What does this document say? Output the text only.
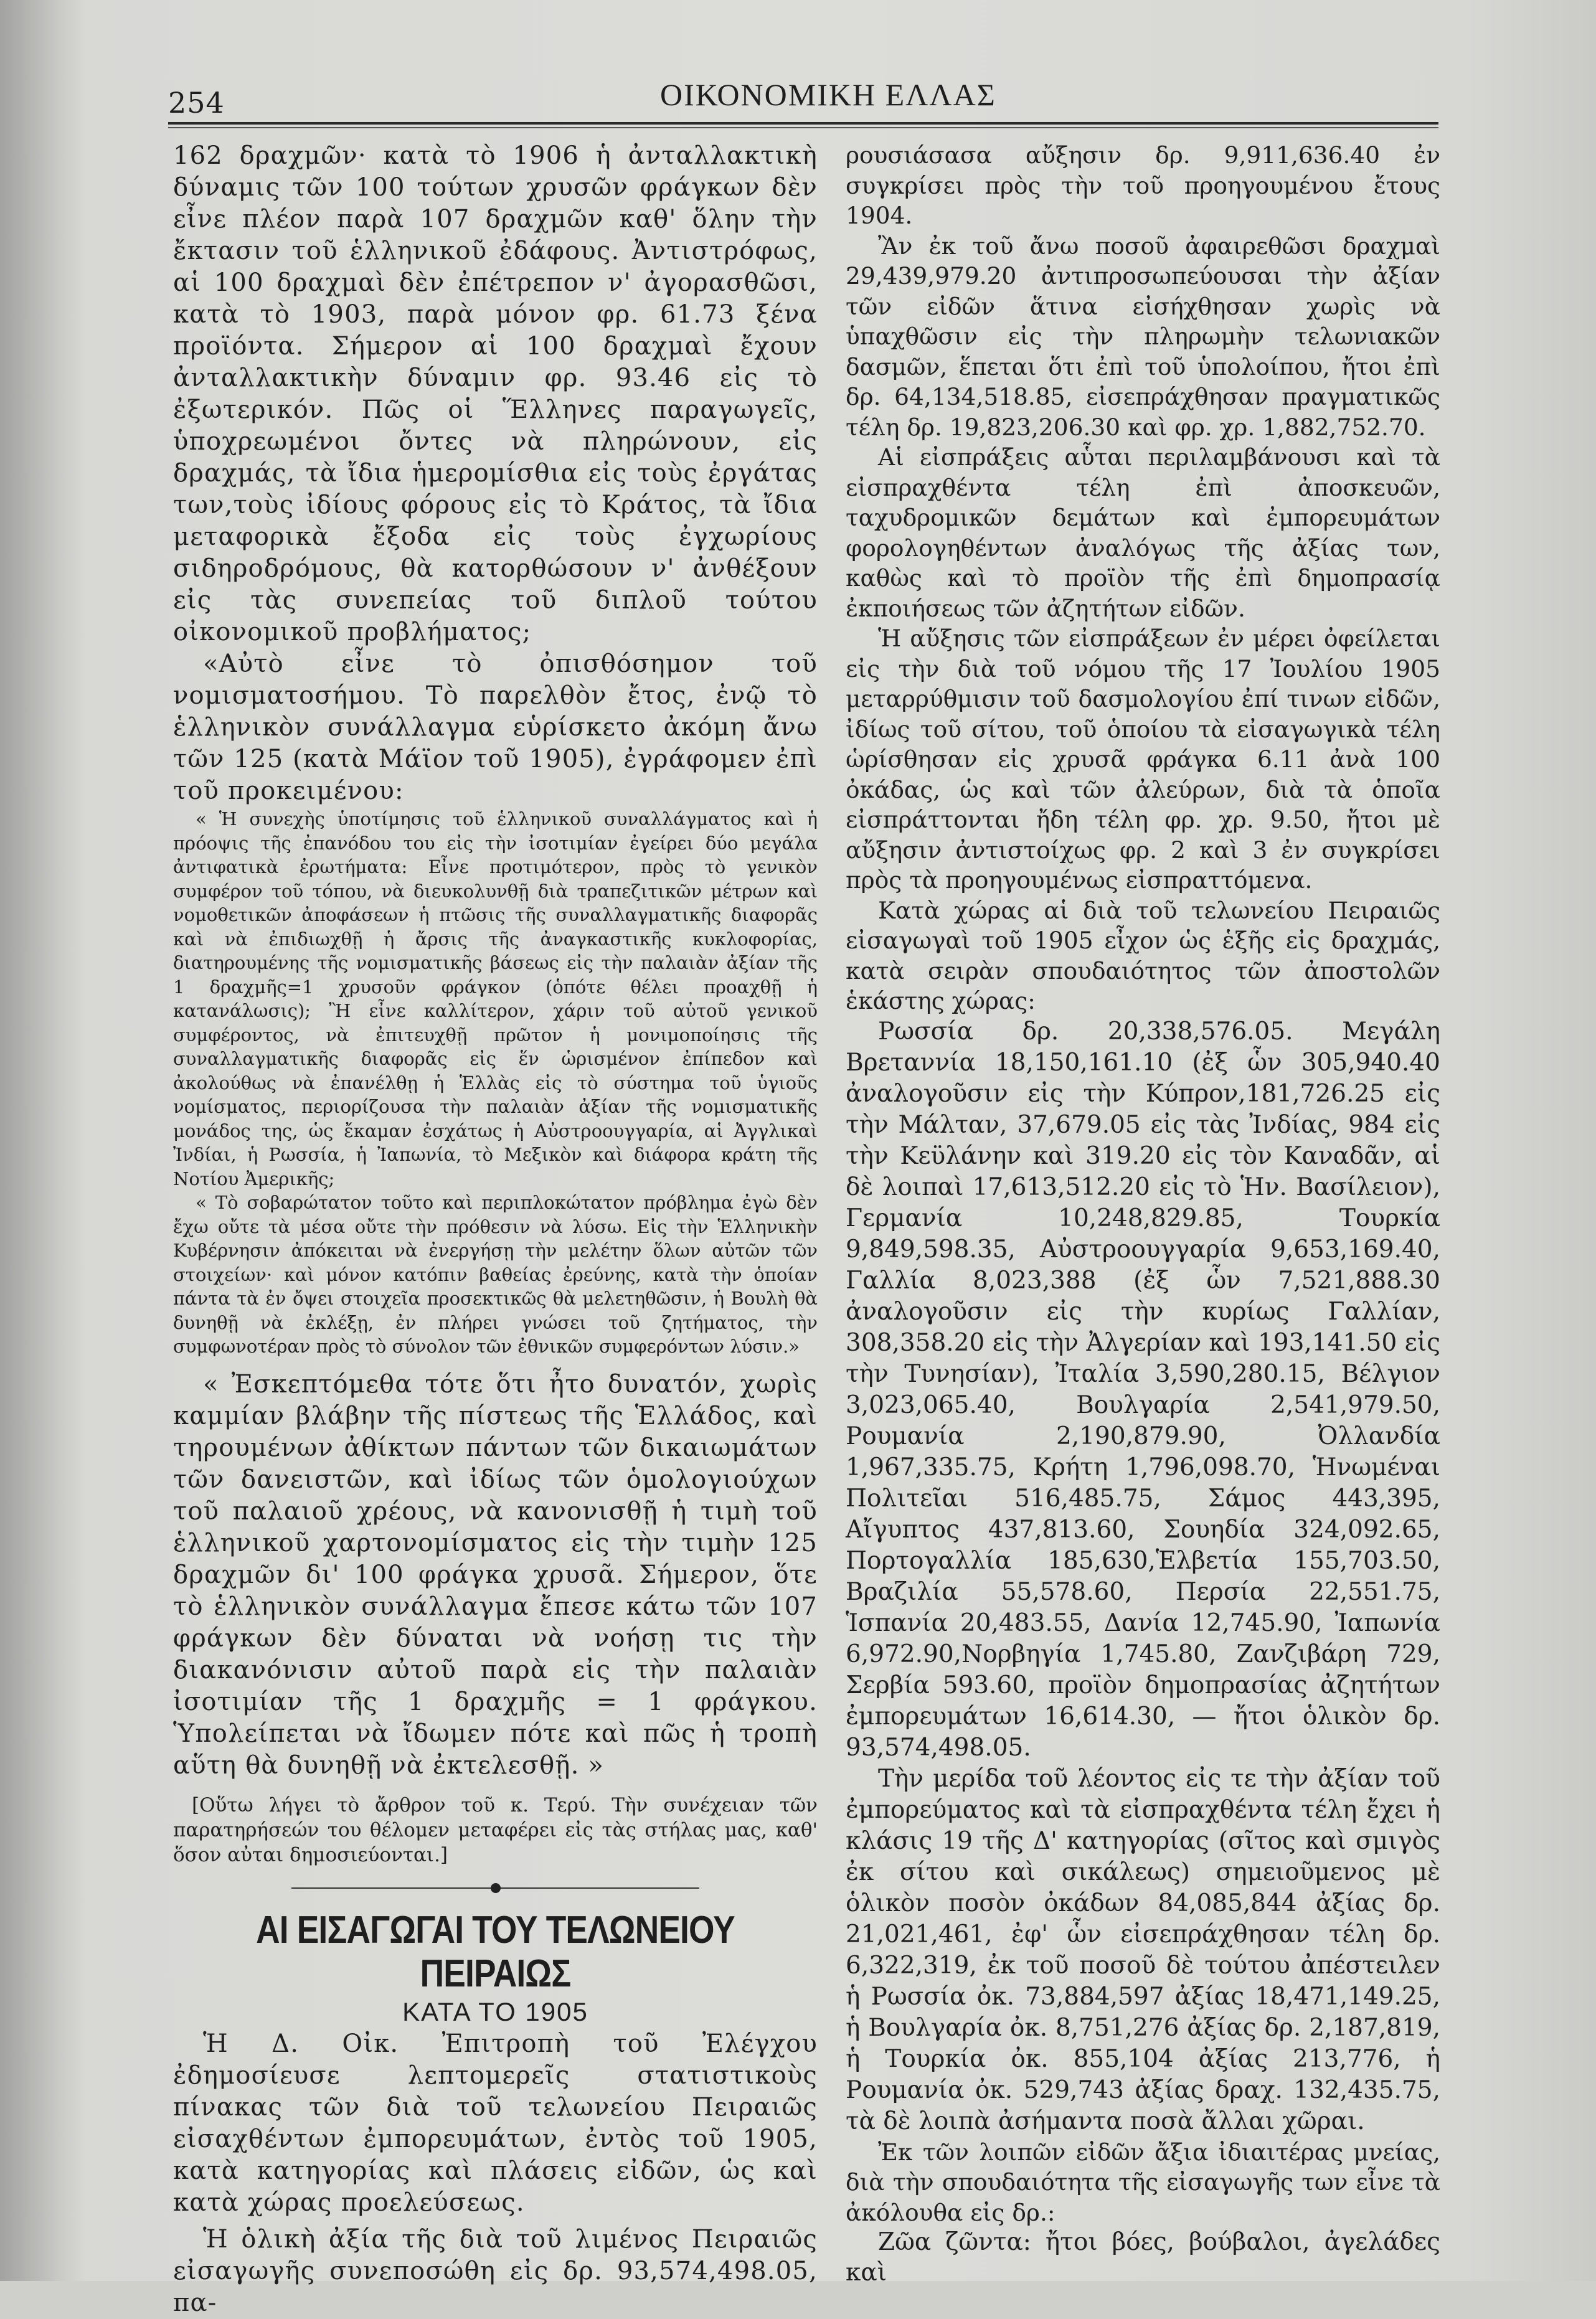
254	ΟΙΚΟΝΟΜΙΚΗ ΕΛΛΑΣ

162 δραχμῶν· κατὰ τὸ 1906 ἡ ἀνταλλακτικὴ δύναμις τῶν 100 τούτων χρυσῶν φράγκων δὲν εἶνε πλέον παρὰ 107 δραχμῶν καθ' ὅλην τὴν ἔκτασιν τοῦ ἑλληνικοῦ ἐδάφους. Ἀντιστρόφως, αἱ 100 δραχμαὶ δὲν ἐπέτρεπον ν' ἀγορασθῶσι, κατὰ τὸ 1903, παρὰ μόνον φρ. 61.73 ξένα προϊόντα. Σήμερον αἱ 100 δραχμαὶ ἔχουν ἀνταλλακτικὴν δύναμιν φρ. 93.46 εἰς τὸ ἐξωτερικόν. Πῶς οἱ Ἕλληνες παραγωγεῖς, ὑποχρεωμένοι ὄντες νὰ πληρώνουν, εἰς δραχμάς, τὰ ἴδια ἡμερομίσθια εἰς τοὺς ἐργάτας των,τοὺς ἰδίους φόρους εἰς τὸ Κράτος, τὰ ἴδια μεταφορικὰ ἔξοδα εἰς τοὺς ἐγχωρίους σιδηροδρόμους, θὰ κατορθώσουν ν' ἀνθέξουν εἰς τὰς συνεπείας τοῦ διπλοῦ τούτου οἰκονομικοῦ προβλήματος;

«Αὐτὸ εἶνε τὸ ὀπισθόσημον τοῦ νομισματοσήμου. Τὸ παρελθὸν ἔτος, ἐνῷ τὸ ἑλληνικὸν συνάλλαγμα εὑρίσκετο ἀκόμη ἄνω τῶν 125 (κατὰ Μάϊον τοῦ 1905), ἐγράφομεν ἐπὶ τοῦ προκειμένου:

« Ἡ συνεχὴς ὑποτίμησις τοῦ ἑλληνικοῦ συναλλάγματος καὶ ἡ πρόοψις τῆς ἐπανόδου του εἰς τὴν ἰσοτιμίαν ἐγείρει δύο μεγάλα ἀντιφατικὰ ἐρωτήματα: Εἶνε προτιμότερον, πρὸς τὸ γενικὸν συμφέρον τοῦ τόπου, νὰ διευκολυνθῇ διὰ τραπεζιτικῶν μέτρων καὶ νομοθετικῶν ἀποφάσεων ἡ πτῶσις τῆς συναλλαγματικῆς διαφορᾶς καὶ νὰ ἐπιδιωχθῇ ἡ ἄρσις τῆς ἀναγκαστικῆς κυκλοφορίας, διατηρουμένης τῆς νομισματικῆς βάσεως εἰς τὴν παλαιὰν ἀξίαν τῆς 1 δραχμῆς=1 χρυσοῦν φράγκον (ὁπότε θέλει προαχθῇ ἡ κατανάλωσις); Ἢ εἶνε καλλίτερον, χάριν τοῦ αὐτοῦ γενικοῦ συμφέροντος, νὰ ἐπιτευχθῇ πρῶτον ἡ μονιμοποίησις τῆς συναλλαγματικῆς διαφορᾶς εἰς ἕν ὡρισμένον ἐπίπεδον καὶ ἀκολούθως νὰ ἐπανέλθῃ ἡ Ἑλλὰς εἰς τὸ σύστημα τοῦ ὑγιοῦς νομίσματος, περιορίζουσα τὴν παλαιὰν ἀξίαν τῆς νομισματικῆς μονάδος της, ὡς ἔκαμαν ἐσχάτως ἡ Αὐστροουγγαρία, αἱ Ἀγγλικαὶ Ἰνδίαι, ἡ Ρωσσία, ἡ Ἰαπωνία, τὸ Μεξικὸν καὶ διάφορα κράτη τῆς Νοτίου Ἀμερικῆς;

« Τὸ σοβαρώτατον τοῦτο καὶ περιπλοκώτατον πρόβλημα ἐγὼ δὲν ἔχω οὔτε τὰ μέσα οὔτε τὴν πρόθεσιν νὰ λύσω. Εἰς τὴν Ἑλληνικὴν Κυβέρνησιν ἀπόκειται νὰ ἐνεργήσῃ τὴν μελέτην ὅλων αὐτῶν τῶν στοιχείων· καὶ μόνον κατόπιν βαθείας ἐρεύνης, κατὰ τὴν ὁποίαν πάντα τὰ ἐν ὄψει στοιχεῖα προσεκτικῶς θὰ μελετηθῶσιν, ἡ Βουλὴ θὰ δυνηθῇ νὰ ἐκλέξῃ, ἐν πλήρει γνώσει τοῦ ζητήματος, τὴν συμφωνοτέραν πρὸς τὸ σύνολον τῶν ἐθνικῶν συμφερόντων λύσιν.»

« Ἐσκεπτόμεθα τότε ὅτι ἦτο δυνατόν, χωρὶς καμμίαν βλάβην τῆς πίστεως τῆς Ἑλλάδος, καὶ τηρουμένων ἀθίκτων πάντων τῶν δικαιωμάτων τῶν δανειστῶν, καὶ ἰδίως τῶν ὁμολογιούχων τοῦ παλαιοῦ χρέους, νὰ κανονισθῇ ἡ τιμὴ τοῦ ἑλληνικοῦ χαρτονομίσματος εἰς τὴν τιμὴν 125 δραχμῶν δι' 100 φράγκα χρυσᾶ. Σήμερον, ὅτε τὸ ἑλληνικὸν συνάλλαγμα ἔπεσε κάτω τῶν 107 φράγκων δὲν δύναται νὰ νοήσῃ τις τὴν διακανόνισιν αὐτοῦ παρὰ εἰς τὴν παλαιὰν ἰσοτιμίαν τῆς 1 δραχμῆς = 1 φράγκου. Ὑπολείπεται νὰ ἴδωμεν πότε καὶ πῶς ἡ τροπὴ αὕτη θὰ δυνηθῇ νὰ ἐκτελεσθῇ. »

[Οὕτω λήγει τὸ ἄρθρον τοῦ κ. Τερύ. Τὴν συνέχειαν τῶν παρατηρήσεών του θέλομεν μεταφέρει εἰς τὰς στήλας μας, καθ' ὅσον αὐται δημοσιεύονται.]

ΑΙ ΕΙΣΑΓΩΓΑΙ ΤΟΥ ΤΕΛΩΝΕΙΟΥ ΠΕΙΡΑΙΩΣ

ΚΑΤΑ ΤΟ 1905

Ἡ Δ. Οἰκ. Ἐπιτροπὴ τοῦ Ἐλέγχου ἐδημοσίευσε λεπτομερεῖς στατιστικοὺς πίνακας τῶν διὰ τοῦ τελωνείου Πειραιῶς εἰσαχθέντων ἐμπορευμάτων, ἐντὸς τοῦ 1905, κατὰ κατηγορίας καὶ πλάσεις εἰδῶν, ὡς καὶ κατὰ χώρας προελεύσεως.

Ἡ ὁλικὴ ἀξία τῆς διὰ τοῦ λιμένος Πειραιῶς εἰσαγωγῆς συνεποσώθη εἰς δρ. 93,574,498.05, πα-

ρουσιάσασα αὔξησιν δρ. 9,911,636.40 ἐν συγκρίσει πρὸς τὴν τοῦ προηγουμένου ἔτους 1904.

Ἂν ἐκ τοῦ ἄνω ποσοῦ ἀφαιρεθῶσι δραχμαὶ 29,439,979.20 ἀντιπροσωπεύουσαι τὴν ἀξίαν τῶν εἰδῶν ἅτινα εἰσήχθησαν χωρὶς νὰ ὑπαχθῶσιν εἰς τὴν πληρωμὴν τελωνιακῶν δασμῶν, ἕπεται ὅτι ἐπὶ τοῦ ὑπολοίπου, ἤτοι ἐπὶ δρ. 64,134,518.85, εἰσεπράχθησαν πραγματικῶς τέλη δρ. 19,823,206.30 καὶ φρ. χρ. 1,882,752.70.

Αἱ εἰσπράξεις αὗται περιλαμβάνουσι καὶ τὰ εἰσπραχθέντα τέλη ἐπὶ ἀποσκευῶν, ταχυδρομικῶν δεμάτων καὶ ἐμπορευμάτων φορολογηθέντων ἀναλόγως τῆς ἀξίας των, καθὼς καὶ τὸ προϊὸν τῆς ἐπὶ δημοπρασίᾳ ἐκποιήσεως τῶν ἀζητήτων εἰδῶν.

Ἡ αὔξησις τῶν εἰσπράξεων ἐν μέρει ὀφείλεται εἰς τὴν διὰ τοῦ νόμου τῆς 17 Ἰουλίου 1905 μεταρρύθμισιν τοῦ δασμολογίου ἐπί τινων εἰδῶν, ἰδίως τοῦ σίτου, τοῦ ὁποίου τὰ εἰσαγωγικὰ τέλη ὡρίσθησαν εἰς χρυσᾶ φράγκα 6.11 ἀνὰ 100 ὀκάδας, ὡς καὶ τῶν ἀλεύρων, διὰ τὰ ὁποῖα εἰσπράττονται ἤδη τέλη φρ. χρ. 9.50, ἤτοι μὲ αὔξησιν ἀντιστοίχως φρ. 2 καὶ 3 ἐν συγκρίσει πρὸς τὰ προηγουμένως εἰσπραττόμενα.

Κατὰ χώρας αἱ διὰ τοῦ τελωνείου Πειραιῶς εἰσαγωγαὶ τοῦ 1905 εἶχον ὡς ἑξῆς εἰς δραχμάς, κατὰ σειρὰν σπουδαιότητος τῶν ἀποστολῶν ἑκάστης χώρας:

Ρωσσία δρ. 20,338,576.05. Μεγάλη Βρεταννία 18,150,161.10 (ἐξ ὧν 305,940.40 ἀναλογοῦσιν εἰς τὴν Κύπρον,181,726.25 εἰς τὴν Μάλταν, 37,679.05 εἰς τὰς Ἰνδίας, 984 εἰς τὴν Κεϋλάνην καὶ 319.20 εἰς τὸν Καναδᾶν, αἱ δὲ λοιπαὶ 17,613,512.20 εἰς τὸ Ἡν. Βασίλειον), Γερμανία 10,248,829.85, Τουρκία 9,849,598.35, Αὐστροουγγαρία 9,653,169.40, Γαλλία 8,023,388 (ἐξ ὧν 7,521,888.30 ἀναλογοῦσιν εἰς τὴν κυρίως Γαλλίαν, 308,358.20 εἰς τὴν Ἀλγερίαν καὶ 193,141.50 εἰς τὴν Τυνησίαν), Ἰταλία 3,590,280.15, Βέλγιον 3,023,065.40, Βουλγαρία 2,541,979.50, Ρουμανία 2,190,879.90, Ὀλλανδία 1,967,335.75, Κρήτη 1,796,098.70, Ἡνωμέναι Πολιτεῖαι 516,485.75, Σάμος 443,395, Αἴγυπτος 437,813.60, Σουηδία 324,092.65, Πορτογαλλία 185,630,Ἑλβετία 155,703.50, Βραζιλία 55,578.60, Περσία 22,551.75, Ἱσπανία 20,483.55, Δανία 12,745.90, Ἰαπωνία 6,972.90,Νορβηγία 1,745.80, Ζανζιβάρη 729, Σερβία 593.60, προϊὸν δημοπρασίας ἀζητήτων ἐμπορευμάτων 16,614.30, — ἤτοι ὁλικὸν δρ. 93,574,498.05.

Τὴν μερίδα τοῦ λέοντος εἰς τε τὴν ἀξίαν τοῦ ἐμπορεύματος καὶ τὰ εἰσπραχθέντα τέλη ἔχει ἡ κλάσις 19 τῆς Δ' κατηγορίας (σῖτος καὶ σμιγὸς ἐκ σίτου καὶ σικάλεως) σημειοῦμενος μὲ ὁλικὸν ποσὸν ὀκάδων 84,085,844 ἀξίας δρ. 21,021,461, ἐφ' ὧν εἰσεπράχθησαν τέλη δρ. 6,322,319, ἐκ τοῦ ποσοῦ δὲ τούτου ἀπέστειλεν ἡ Ρωσσία ὀκ. 73,884,597 ἀξίας 18,471,149.25, ἡ Βουλγαρία ὀκ. 8,751,276 ἀξίας δρ. 2,187,819, ἡ Τουρκία ὀκ. 855,104 ἀξίας 213,776, ἡ Ρουμανία ὀκ. 529,743 ἀξίας δραχ. 132,435.75, τὰ δὲ λοιπὰ ἀσήμαντα ποσὰ ἄλλαι χῶραι.

Ἐκ τῶν λοιπῶν εἰδῶν ἄξια ἰδιαιτέρας μνείας, διὰ τὴν σπουδαιότητα τῆς εἰσαγωγῆς των εἶνε τὰ ἀκόλουθα εἰς δρ.:

Ζῶα ζῶντα: ἤτοι βόες, βούβαλοι, ἀγελάδες καὶ
